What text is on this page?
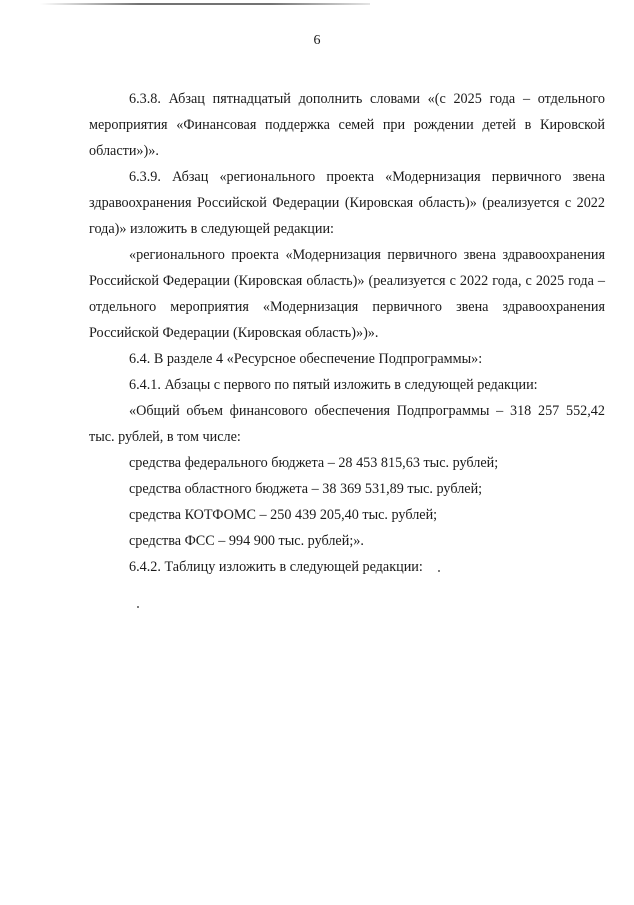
6

6.3.8. Абзац пятнадцатый дополнить словами «(с 2025 года – отдельного мероприятия «Финансовая поддержка семей при рождении детей в Кировской области»)».

6.3.9. Абзац «регионального проекта «Модернизация первичного звена здравоохранения Российской Федерации (Кировская область)» (реализуется с 2022 года)» изложить в следующей редакции:

«регионального проекта «Модернизация первичного звена здравоохранения Российской Федерации (Кировская область)» (реализуется с 2022 года, с 2025 года – отдельного мероприятия «Модернизация первичного звена здравоохранения Российской Федерации (Кировская область)»)».

6.4. В разделе 4 «Ресурсное обеспечение Подпрограммы»:

6.4.1. Абзацы с первого по пятый изложить в следующей редакции:

«Общий объем финансового обеспечения Подпрограммы – 318 257 552,42 тыс. рублей, в том числе:

средства федерального бюджета – 28 453 815,63 тыс. рублей;

средства областного бюджета – 38 369 531,89 тыс. рублей;

средства КОТФОМС – 250 439 205,40 тыс. рублей;

средства ФСС – 994 900 тыс. рублей;».

6.4.2. Таблицу изложить в следующей редакции:
